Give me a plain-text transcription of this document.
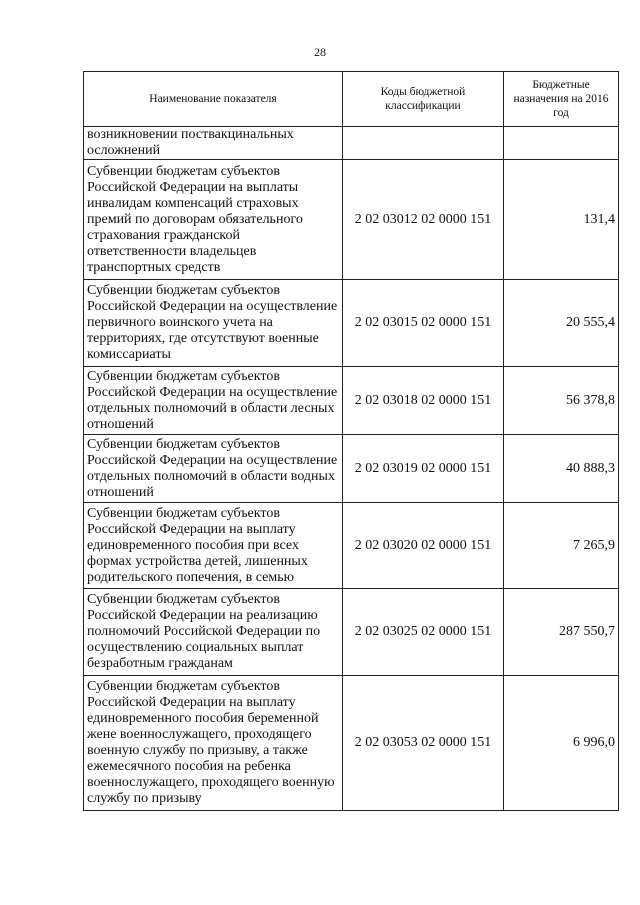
28
Наименование показателя	Коды бюджетной классификации	Бюджетные назначения на 2016 год
возникновении поствакцинальных осложнений		
Субвенции бюджетам субъектов Российской Федерации на выплаты инвалидам компенсаций страховых премий по договорам обязательного страхования гражданской ответственности владельцев транспортных средств	2 02 03012 02 0000 151	131,4
Субвенции бюджетам субъектов Российской Федерации на осуществление первичного воинского учета на территориях, где отсутствуют военные комиссариаты	2 02 03015 02 0000 151	20 555,4
Субвенции бюджетам субъектов Российской Федерации на осуществление отдельных полномочий в области лесных отношений	2 02 03018 02 0000 151	56 378,8
Субвенции бюджетам субъектов Российской Федерации на осуществление отдельных полномочий в области водных отношений	2 02 03019 02 0000 151	40 888,3
Субвенции бюджетам субъектов Российской Федерации на выплату единовременного пособия при всех формах устройства детей, лишенных родительского попечения, в семью	2 02 03020 02 0000 151	7 265,9
Субвенции бюджетам субъектов Российской Федерации на реализацию полномочий Российской Федерации по осуществлению социальных выплат безработным гражданам	2 02 03025 02 0000 151	287 550,7
Субвенции бюджетам субъектов Российской Федерации на выплату единовременного пособия беременной жене военнослужащего, проходящего военную службу по призыву, а также ежемесячного пособия на ребенка военнослужащего, проходящего военную службу по призыву	2 02 03053 02 0000 151	6 996,0
